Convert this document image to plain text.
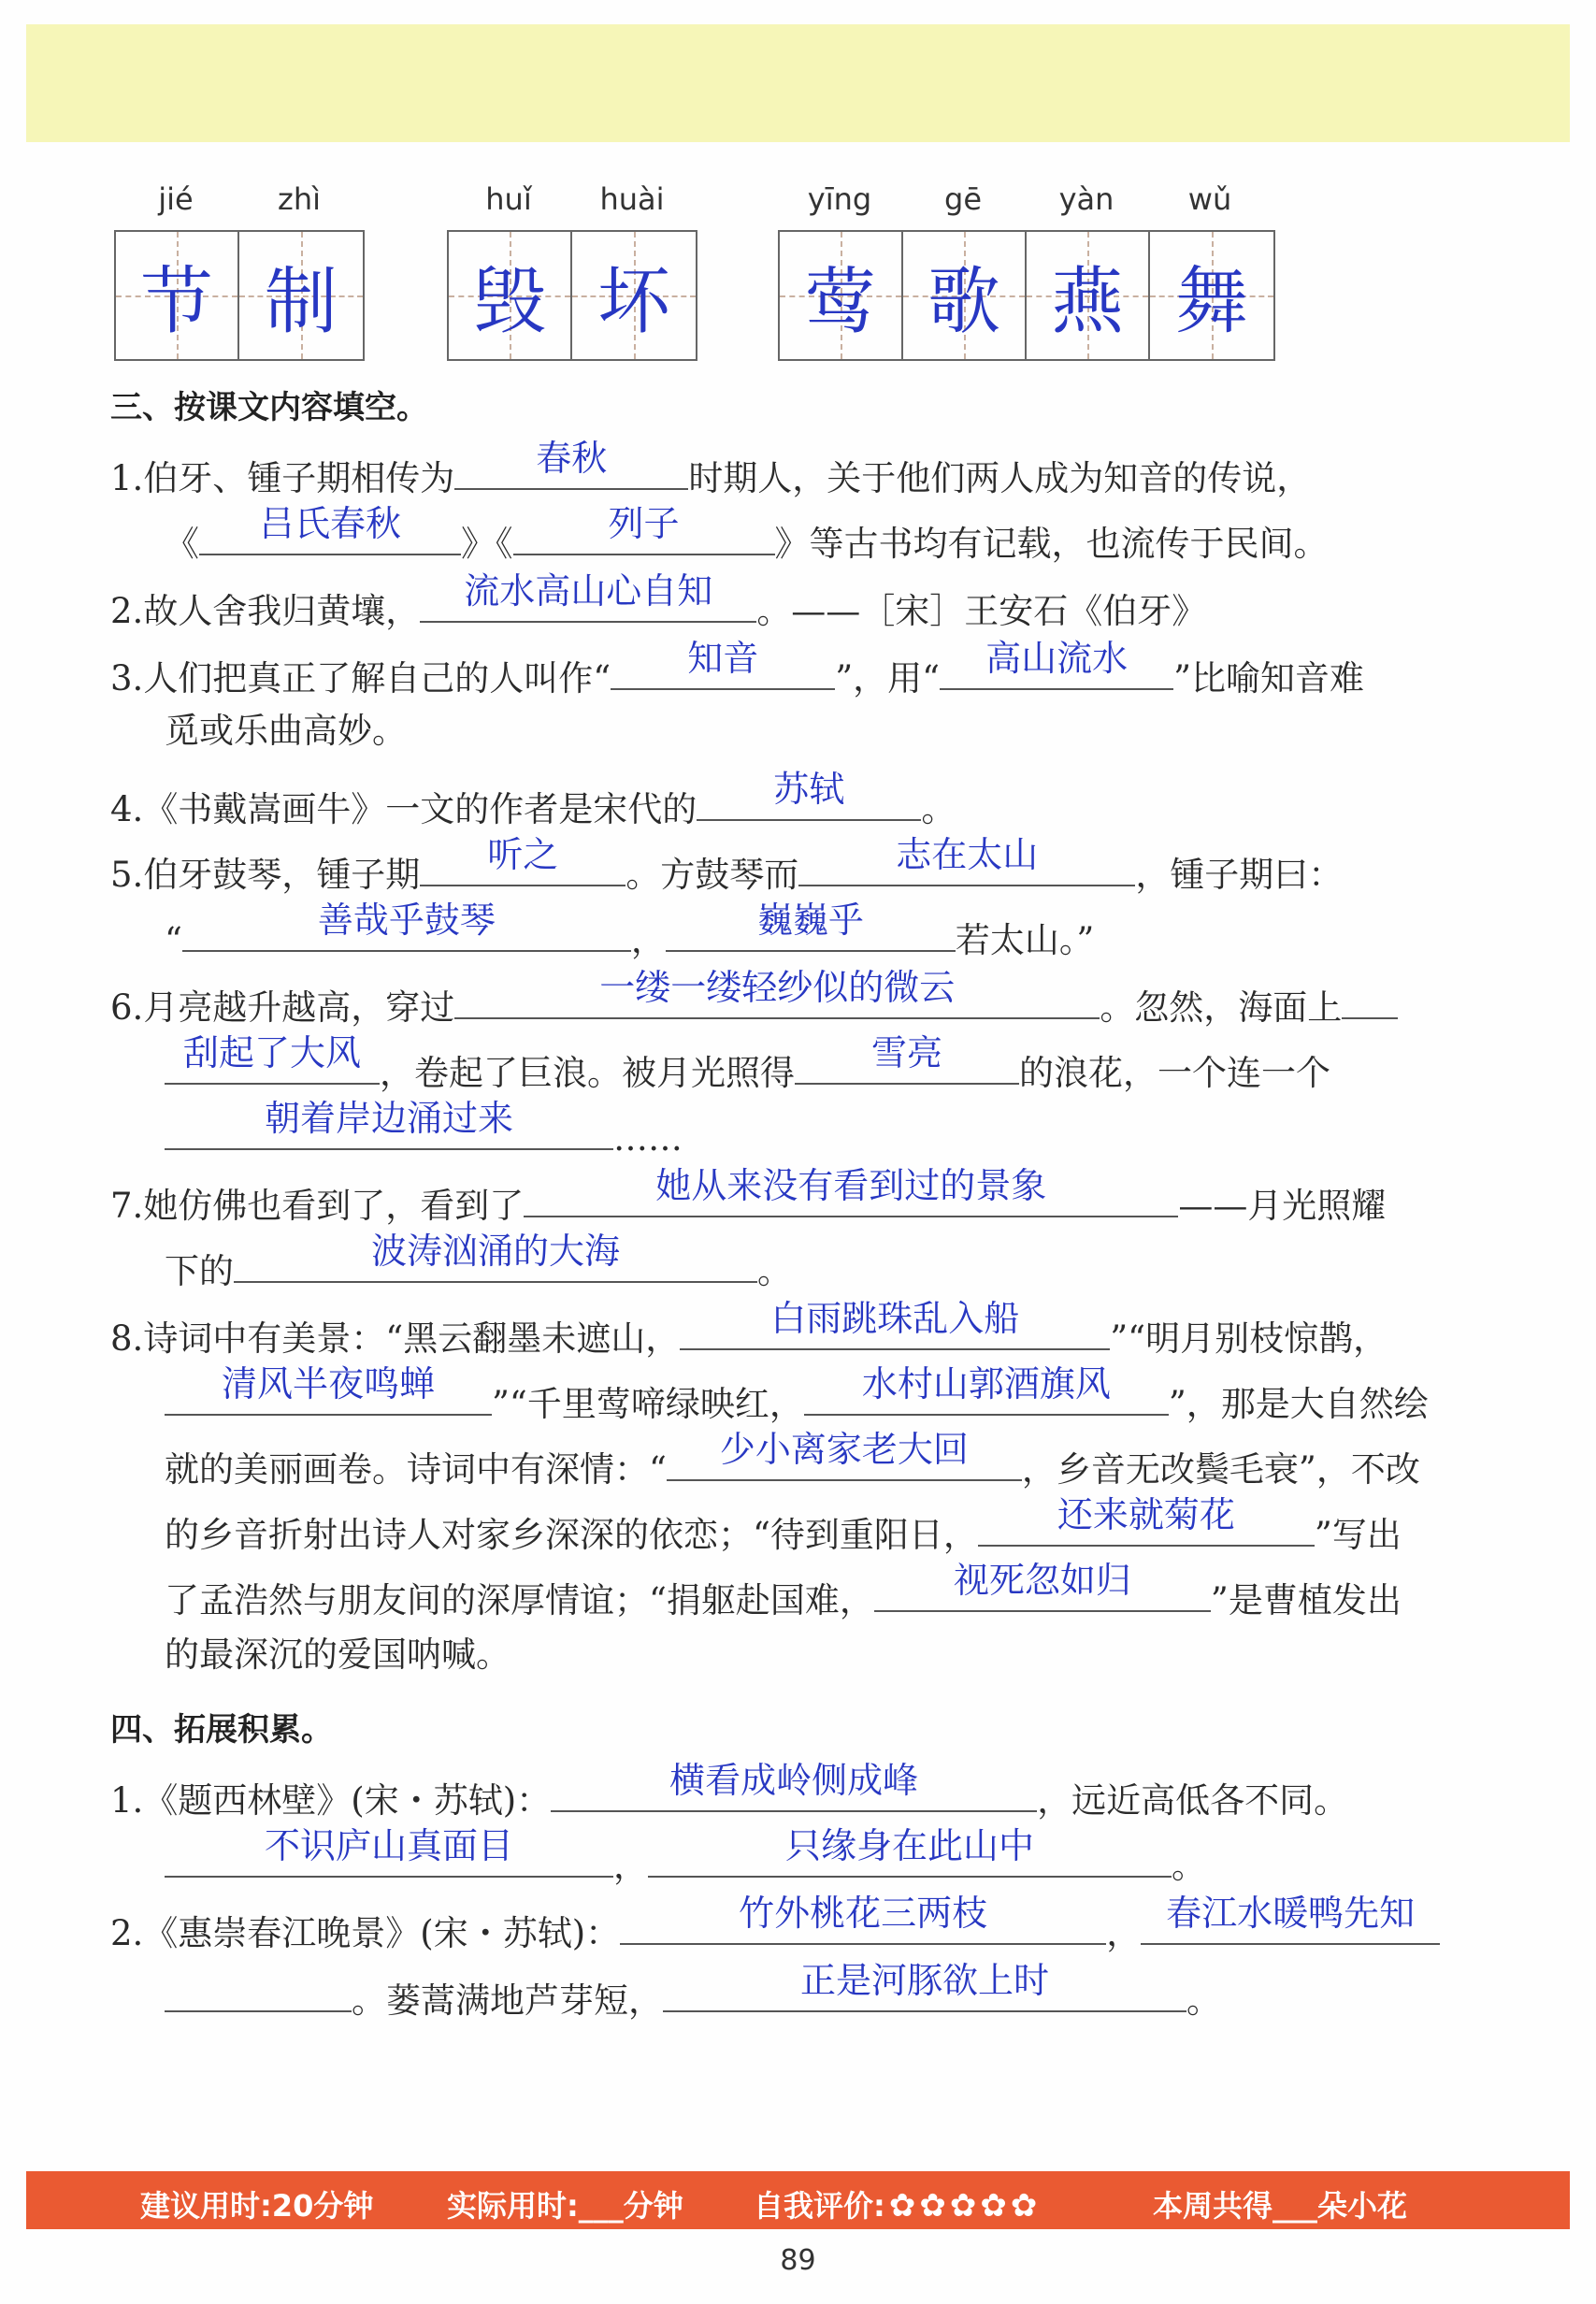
jié	zhì
节 制
huǐ	huài
毁 坏
yīng	gē	yàn	wǔ
莺 歌 燕 舞
三、按课文内容填空。
1.伯牙、锺子期相传为	春秋	时期人，关于他们两人成为知音的传说，
《	吕氏春秋	》《	列子	》等古书均有记载，也流传于民间。
2.故人舍我归黄壤，	流水高山心自知	。——［宋］王安石《伯牙》
3.人们把真正了解自己的人叫作“	知音	”，用“	高山流水	”比喻知音难
觅或乐曲高妙。
4.《书戴嵩画牛》一文的作者是宋代的	苏轼	。
5.伯牙鼓琴，锺子期	听之	。方鼓琴而	志在太山	，锺子期曰：
“	善哉乎鼓琴	，	巍巍乎	若太山。”
6.月亮越升越高，穿过	一缕一缕轻纱似的微云	。忽然，海面上
刮起了大风 ，卷起了巨浪。被月光照得	雪亮	的浪花，一个连一个
朝着岸边涌过来	……
7.她仿佛也看到了，看到了	她从来没有看到过的景象	——月光照耀
下的	波涛汹涌的大海	。
8.诗词中有美景：“黑云翻墨未遮山，	白雨跳珠乱入船	”“明月别枝惊鹊，
清风半夜鸣蝉	”“千里莺啼绿映红，	水村山郭酒旗风	”，那是大自然绘
就的美丽画卷。诗词中有深情：“	少小离家老大回	，乡音无改鬓毛衰”，不改
的乡音折射出诗人对家乡深深的依恋；“待到重阳日，	还来就菊花	”写出
了孟浩然与朋友间的深厚情谊；“捐躯赴国难，	视死忽如归	”是曹植发出
的最深沉的爱国呐喊。
四、拓展积累。
1.《题西林壁》(宋・苏轼)：	横看成岭侧成峰	，远近高低各不同。
不识庐山真面目	，	只缘身在此山中	。
2.《惠崇春江晚景》(宋・苏轼)：	竹外桃花三两枝	， 春江水暖鸭先知
。蒌蒿满地芦芽短，	正是河豚欲上时	。
建议用时:20分钟 实际用时:___分钟 自我评价: ✿ ✿ ✿ ✿ ✿	本周共得___朵小花
89
